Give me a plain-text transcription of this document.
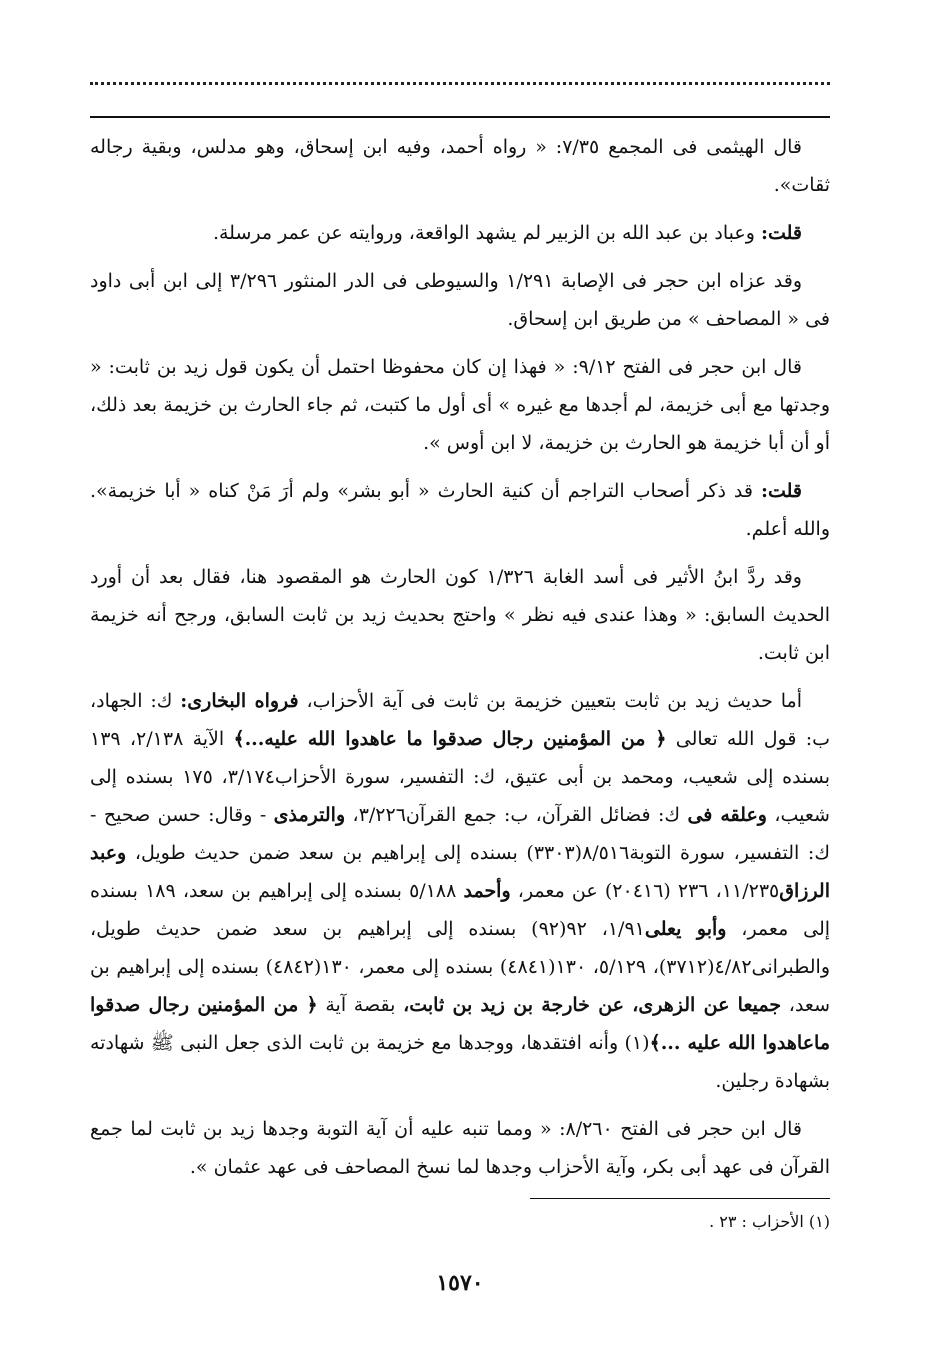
قال الهيثمى فى المجمع ٧/٣٥: « رواه أحمد، وفيه ابن إسحاق، وهو مدلس، وبقية رجاله ثقات».

قلت: وعباد بن عبد الله بن الزبير لم يشهد الواقعة، وروايته عن عمر مرسلة.

وقد عزاه ابن حجر فى الإصابة ١/٢٩١ والسيوطى فى الدر المنثور ٣/٢٩٦ إلى ابن أبى داود فى « المصاحف » من طريق ابن إسحاق.

قال ابن حجر فى الفتح ٩/١٢: « فهذا إن كان محفوظا احتمل أن يكون قول زيد بن ثابت: « وجدتها مع أبى خزيمة، لم أجدها مع غيره » أى أول ما كتبت، ثم جاء الحارث بن خزيمة بعد ذلك، أو أن أبا خزيمة هو الحارث بن خزيمة، لا ابن أوس ».

قلت: قد ذكر أصحاب التراجم أن كنية الحارث « أبو بشر» ولم أرَ مَنْ كناه « أبا خزيمة». والله أعلم.

وقد ردَّ ابنُ الأثير فى أسد الغابة ١/٣٢٦ كون الحارث هو المقصود هنا، فقال بعد أن أورد الحديث السابق: « وهذا عندى فيه نظر » واحتج بحديث زيد بن ثابت السابق، ورجح أنه خزيمة ابن ثابت.

أما حديث زيد بن ثابت بتعيين خزيمة بن ثابت فى آية الأحزاب، فرواه البخارى: ك: الجهاد، ب: قول الله تعالى ﴿ من المؤمنين رجال صدقوا ما عاهدوا الله عليه...﴾ الآية ٢/١٣٨، ١٣٩ بسنده إلى شعيب، ومحمد بن أبى عتيق، ك: التفسير، سورة الأحزاب٣/١٧٤، ١٧٥ بسنده إلى شعيب، وعلقه فى ك: فضائل القرآن، ب: جمع القرآن٣/٢٢٦، والترمذى - وقال: حسن صحيح - ك: التفسير، سورة التوبة٨/٥١٦(٣٣٠٣) بسنده إلى إبراهيم بن سعد ضمن حديث طويل، وعبد الرزاق١١/٢٣٥، ٢٣٦ (٢٠٤١٦) عن معمر، وأحمد ٥/١٨٨ بسنده إلى إبراهيم بن سعد، ١٨٩ بسنده إلى معمر، وأبو يعلى١/٩١، ٩٢(٩٢) بسنده إلى إبراهيم بن سعد ضمن حديث طويل، والطبرانى٤/٨٢(٣٧١٢)، ٥/١٢٩، ١٣٠(٤٨٤١) بسنده إلى معمر، ١٣٠(٤٨٤٢) بسنده إلى إبراهيم بن سعد، جميعا عن الزهرى، عن خارجة بن زيد بن ثابت، بقصة آية ﴿ من المؤمنين رجال صدقوا ماعاهدوا الله عليه ...﴾(١) وأنه افتقدها، ووجدها مع خزيمة بن ثابت الذى جعل النبى ﷺ شهادته بشهادة رجلين.

قال ابن حجر فى الفتح ٨/٢٦٠: « ومما تنبه عليه أن آية التوبة وجدها زيد بن ثابت لما جمع القرآن فى عهد أبى بكر، وآية الأحزاب وجدها لما نسخ المصاحف فى عهد عثمان ».

(١) الأحزاب : ٢٣ .
١٥٧٠
